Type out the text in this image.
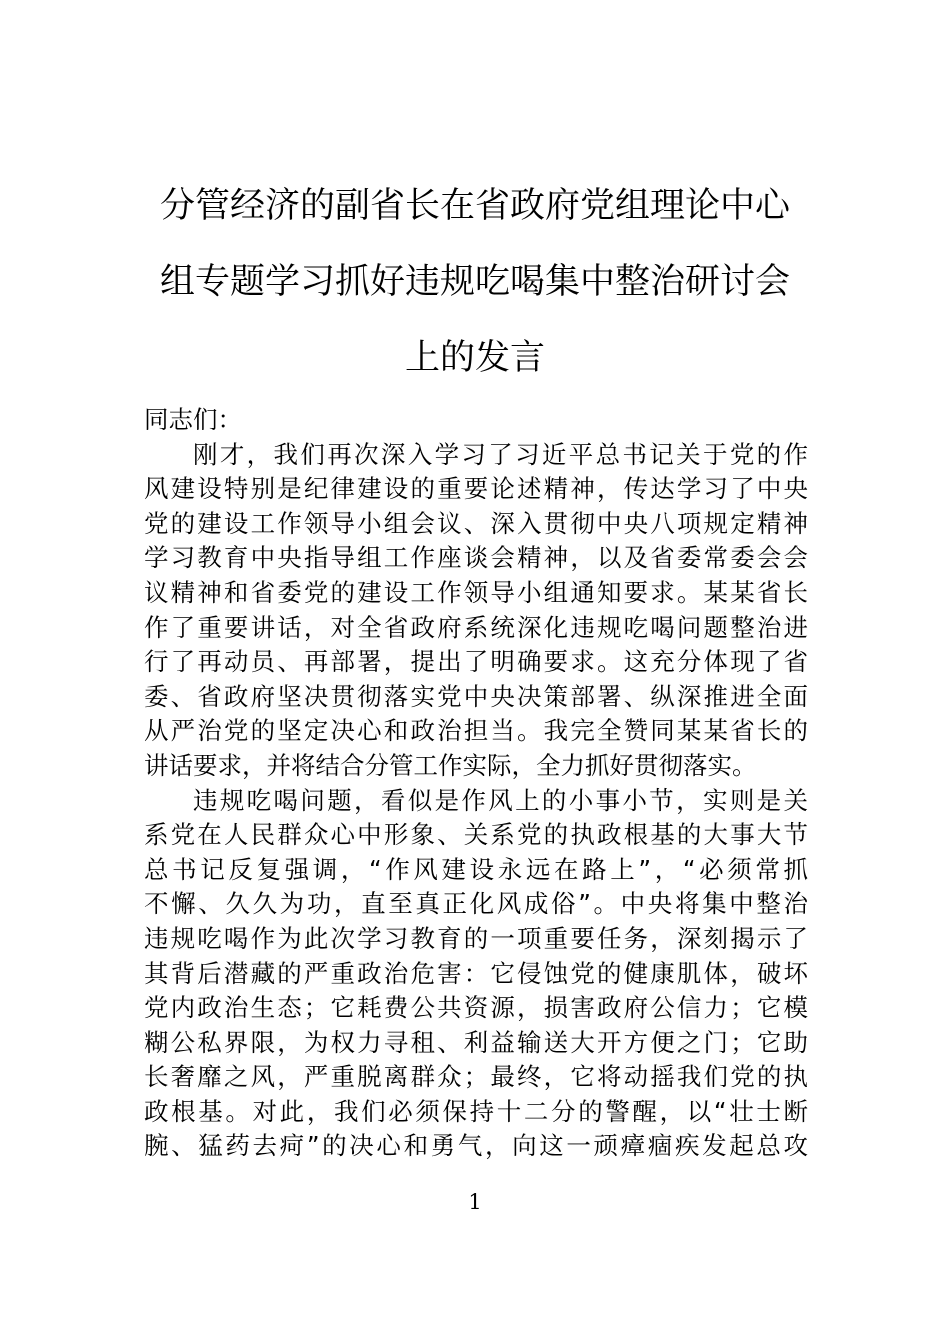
分管经济的副省长在省政府党组理论中心
组专题学习抓好违规吃喝集中整治研讨会
上的发言
同志们：
刚才，我们再次深入学习了习近平总书记关于党的作
风建设特别是纪律建设的重要论述精神，传达学习了中央
党的建设工作领导小组会议、深入贯彻中央八项规定精神
学习教育中央指导组工作座谈会精神，以及省委常委会会
议精神和省委党的建设工作领导小组通知要求。某某省长
作了重要讲话，对全省政府系统深化违规吃喝问题整治进
行了再动员、再部署，提出了明确要求。这充分体现了省
委、省政府坚决贯彻落实党中央决策部署、纵深推进全面
从严治党的坚定决心和政治担当。我完全赞同某某省长的
讲话要求，并将结合分管工作实际，全力抓好贯彻落实。
违规吃喝问题，看似是作风上的小事小节，实则是关
系党在人民群众心中形象、关系党的执政根基的大事大节
总书记反复强调，“作风建设永远在路上”，“必须常抓
不懈、久久为功，直至真正化风成俗”。中央将集中整治
违规吃喝作为此次学习教育的一项重要任务，深刻揭示了
其背后潜藏的严重政治危害：它侵蚀党的健康肌体，破坏
党内政治生态；它耗费公共资源，损害政府公信力；它模
糊公私界限，为权力寻租、利益输送大开方便之门；它助
长奢靡之风，严重脱离群众；最终，它将动摇我们党的执
政根基。对此，我们必须保持十二分的警醒，以“壮士断
腕、猛药去疴”的决心和勇气，向这一顽瘴痼疾发起总攻
1
